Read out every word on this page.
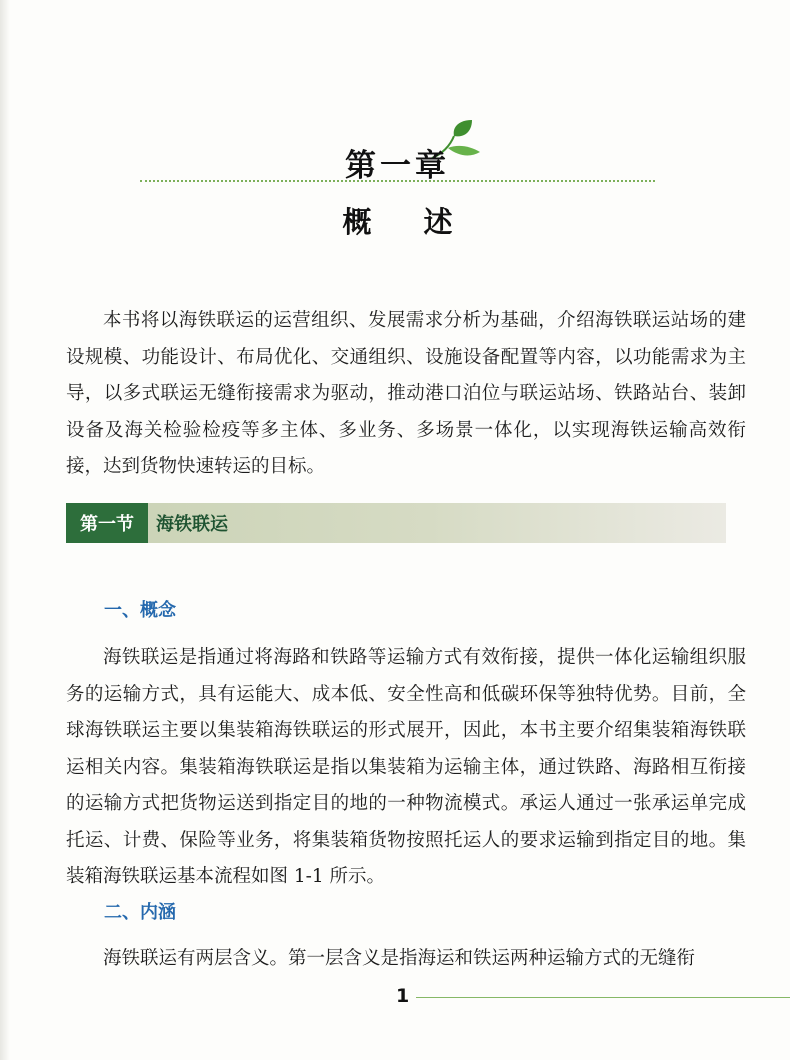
第一章
概述

本书将以海铁联运的运营组织、发展需求分析为基础，介绍海铁联运站场的建设规模、功能设计、布局优化、交通组织、设施设备配置等内容，以功能需求为主导，以多式联运无缝衔接需求为驱动，推动港口泊位与联运站场、铁路站台、装卸设备及海关检验检疫等多主体、多业务、多场景一体化，以实现海铁运输高效衔接，达到货物快速转运的目标。

第一节	海铁联运
一、概念

海铁联运是指通过将海路和铁路等运输方式有效衔接，提供一体化运输组织服务的运输方式，具有运能大、成本低、安全性高和低碳环保等独特优势。目前，全球海铁联运主要以集装箱海铁联运的形式展开，因此，本书主要介绍集装箱海铁联运相关内容。集装箱海铁联运是指以集装箱为运输主体，通过铁路、海路相互衔接的运输方式把货物运送到指定目的地的一种物流模式。承运人通过一张承运单完成托运、计费、保险等业务，将集装箱货物按照托运人的要求运输到指定目的地。集装箱海铁联运基本流程如图 1-1 所示。

二、内涵

海铁联运有两层含义。第一层含义是指海运和铁运两种运输方式的无缝衔

1
